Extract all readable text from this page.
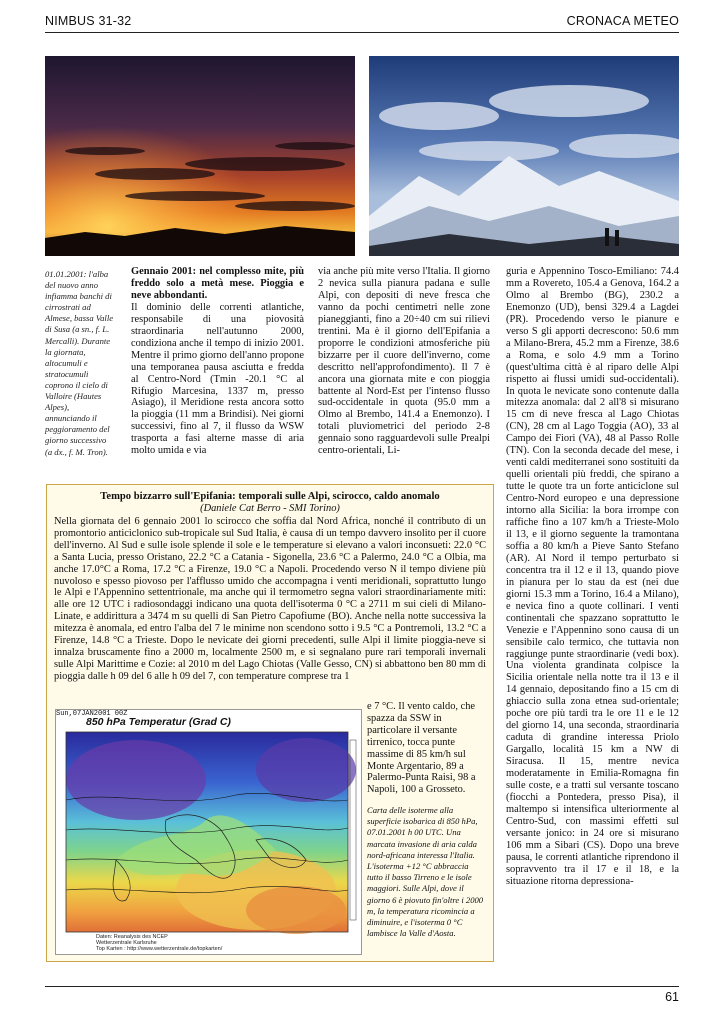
NIMBUS 31-32	CRONACA METEO
01.01.2001: l'alba del nuovo anno infiamma banchi di cirrostrati ad Almese, bassa Valle di Susa (a sn., f. L. Mercalli). Durante la giornata, altocumuli e stratocumuli coprono il cielo di Valloire (Hautes Alpes), annunciando il peggioramento del giorno successivo (a dx., f. M. Tron).

Gennaio 2001: nel complesso mite, più freddo solo a metà mese. Pioggia e neve abbondanti.

Il dominio delle correnti atlantiche, responsabile di una piovosità straordinaria nell'autunno 2000, condiziona anche il tempo di inizio 2001. Mentre il primo giorno dell'anno propone una temporanea pausa asciutta e fredda al Centro-Nord (Tmin -20.1 °C al Rifugio Marcesina, 1337 m, presso Asiago), il Meridione resta ancora sotto la pioggia (11 mm a Brindisi). Nei giorni successivi, fino al 7, il flusso da WSW trasporta a fasi alterne masse di aria molto umida e via

via anche più mite verso l'Italia. Il giorno 2 nevica sulla pianura padana e sulle Alpi, con depositi di neve fresca che vanno da pochi centimetri nelle zone pianeggianti, fino a 20÷40 cm sui rilievi trentini. Ma è il giorno dell'Epifania a proporre le condizioni atmosferiche più bizzarre per il cuore dell'inverno, come descritto nell'approfondimento). Il 7 è ancora una giornata mite e con pioggia battente al Nord-Est per l'intenso flusso sud-occidentale in quota (95.0 mm a Olmo al Brembo, 141.4 a Enemonzo). I totali pluviometrici del periodo 2-8 gennaio sono ragguardevoli sulle Prealpi centro-orientali, Li-

guria e Appennino Tosco-Emiliano: 74.4 mm a Rovereto, 105.4 a Genova, 164.2 a Olmo al Brembo (BG), 230.2 a Enemonzo (UD), bensì 329.4 a Lagdei (PR). Procedendo verso le pianure e verso S gli apporti decrescono: 50.6 mm a Milano-Brera, 45.2 mm a Firenze, 38.6 a Roma, e solo 4.9 mm a Torino (quest'ultima città è al riparo delle Alpi rispetto ai flussi umidi sud-occidentali). In quota le nevicate sono contenute dalla mitezza anomala: dal 2 all'8 si misurano 15 cm di neve fresca al Lago Chiotas (CN), 28 cm al Lago Toggia (AO), 33 al Campo dei Fiori (VA), 48 al Passo Rolle (TN). Con la seconda decade del mese, i venti caldi mediterranei sono sostituiti da quelli orientali più freddi, che spirano a tutte le quote tra un forte anticiclone sul Centro-Nord europeo e una depressione intorno alla Sicilia: la bora irrompe con raffiche fino a 107 km/h a Trieste-Molo il 13, e il giorno seguente la tramontana soffia a 80 km/h a Pieve Santo Stefano (AR). Al Nord il tempo perturbato si concentra tra il 12 e il 13, quando piove in pianura per lo stau da est (nei due giorni 15.3 mm a Torino, 16.4 a Milano), e nevica fino a quote collinari. I venti continentali che spazzano soprattutto le Venezie e l'Appennino sono causa di un sensibile calo termico, che tuttavia non raggiunge punte straordinarie (vedi box). Una violenta grandinata colpisce la Sicilia orientale nella notte tra il 13 e il 14 gennaio, depositando fino a 15 cm di ghiaccio sulla zona etnea sud-orientale; poche ore più tardi tra le ore 11 e le 12 del giorno 14, una seconda, straordinaria caduta di grandine interessa Priolo Gargallo, località 15 km a NW di Siracusa. Il 15, mentre nevica moderatamente in Emilia-Romagna fin sulle coste, e a tratti sul versante toscano (fiocchi a Pontedera, presso Pisa), il maltempo si intensifica ulteriormente al Centro-Sud, con massimi effetti sul versante jonico: in 24 ore si misurano 106 mm a Sibari (CS). Dopo una breve pausa, le correnti atlantiche riprendono il sopravvento tra il 17 e il 18, e la situazione ritorna depressiona-

Tempo bizzarro sull'Epifania: temporali sulle Alpi, scirocco, caldo anomalo
(Daniele Cat Berro - SMI Torino)
Nella giornata del 6 gennaio 2001 lo scirocco che soffia dal Nord Africa, nonché il contributo di un promontorio anticiclonico sub-tropicale sul Sud Italia, è causa di un tempo davvero insolito per il cuore dell'inverno. Al Sud e sulle isole splende il sole e le temperature si elevano a valori inconsueti: 22.0 °C a Santa Lucia, presso Oristano, 22.2 °C a Catania - Sigonella, 23.6 °C a Palermo, 24.0 °C a Olbia, ma anche 17.0°C a Roma, 17.2 °C a Firenze, 19.0 °C a Napoli. Procedendo verso N il tempo diviene più nuvoloso e spesso piovoso per l'afflusso umido che accompagna i venti meridionali, soprattutto lungo le Alpi e l'Appennino settentrionale, ma anche qui il termometro segna valori straordinariamente miti: alle ore 12 UTC i radiosondaggi indicano una quota dell'isoterma 0 °C a 2711 m sui cieli di Milano-Linate, e addirittura a 3474 m su quelli di San Pietro Capofiume (BO). Anche nella notte successiva la mitezza è anomala, ed entro l'alba del 7 le minime non scendono sotto i 9.5 °C a Pontremoli, 13.2 °C a Firenze, 14.8 °C a Trieste. Dopo le nevicate dei giorni precedenti, sulle Alpi il limite pioggia-neve si innalza bruscamente fino a 2000 m, localmente 2500 m, e si segnalano pure rari temporali invernali sulle Alpi Marittime e Cozie: al 2010 m del Lago Chiotas (Valle Gesso, CN) si abbattono ben 80 mm di pioggia dalle h 09 del 6 alle h 09 del 7, con temperature comprese tra 1
e 7 °C. Il vento caldo, che spazza da SSW in particolare il versante tirrenico, tocca punte massime di 85 km/h sul Monte Argentario, 89 a Palermo-Punta Raisi, 98 a Napoli, 100 a Grosseto.
Carta delle isoterme alla superficie isobarica di 850 hPa, 07.01.2001 h 00 UTC. Una marcata invasione di aria calda nord-africana interessa l'Italia. L'isoterma +12 °C abbraccia tutto il basso Tirreno e le isole maggiori. Sulle Alpi, dove il giorno 6 è piovuto fin'oltre i 2000 m, la temperatura ricomincia a diminuire, e l'isoterma 0 °C lambisce la Valle d'Aosta.
Sun,07JAN2001 00Z
850 hPa Temperatur (Grad C)
Daten: Reanalysis des NCEP
Wetterzentrale Karlsruhe
Top Karten : http://www.wetterzentrale.de/topkarten/
61
